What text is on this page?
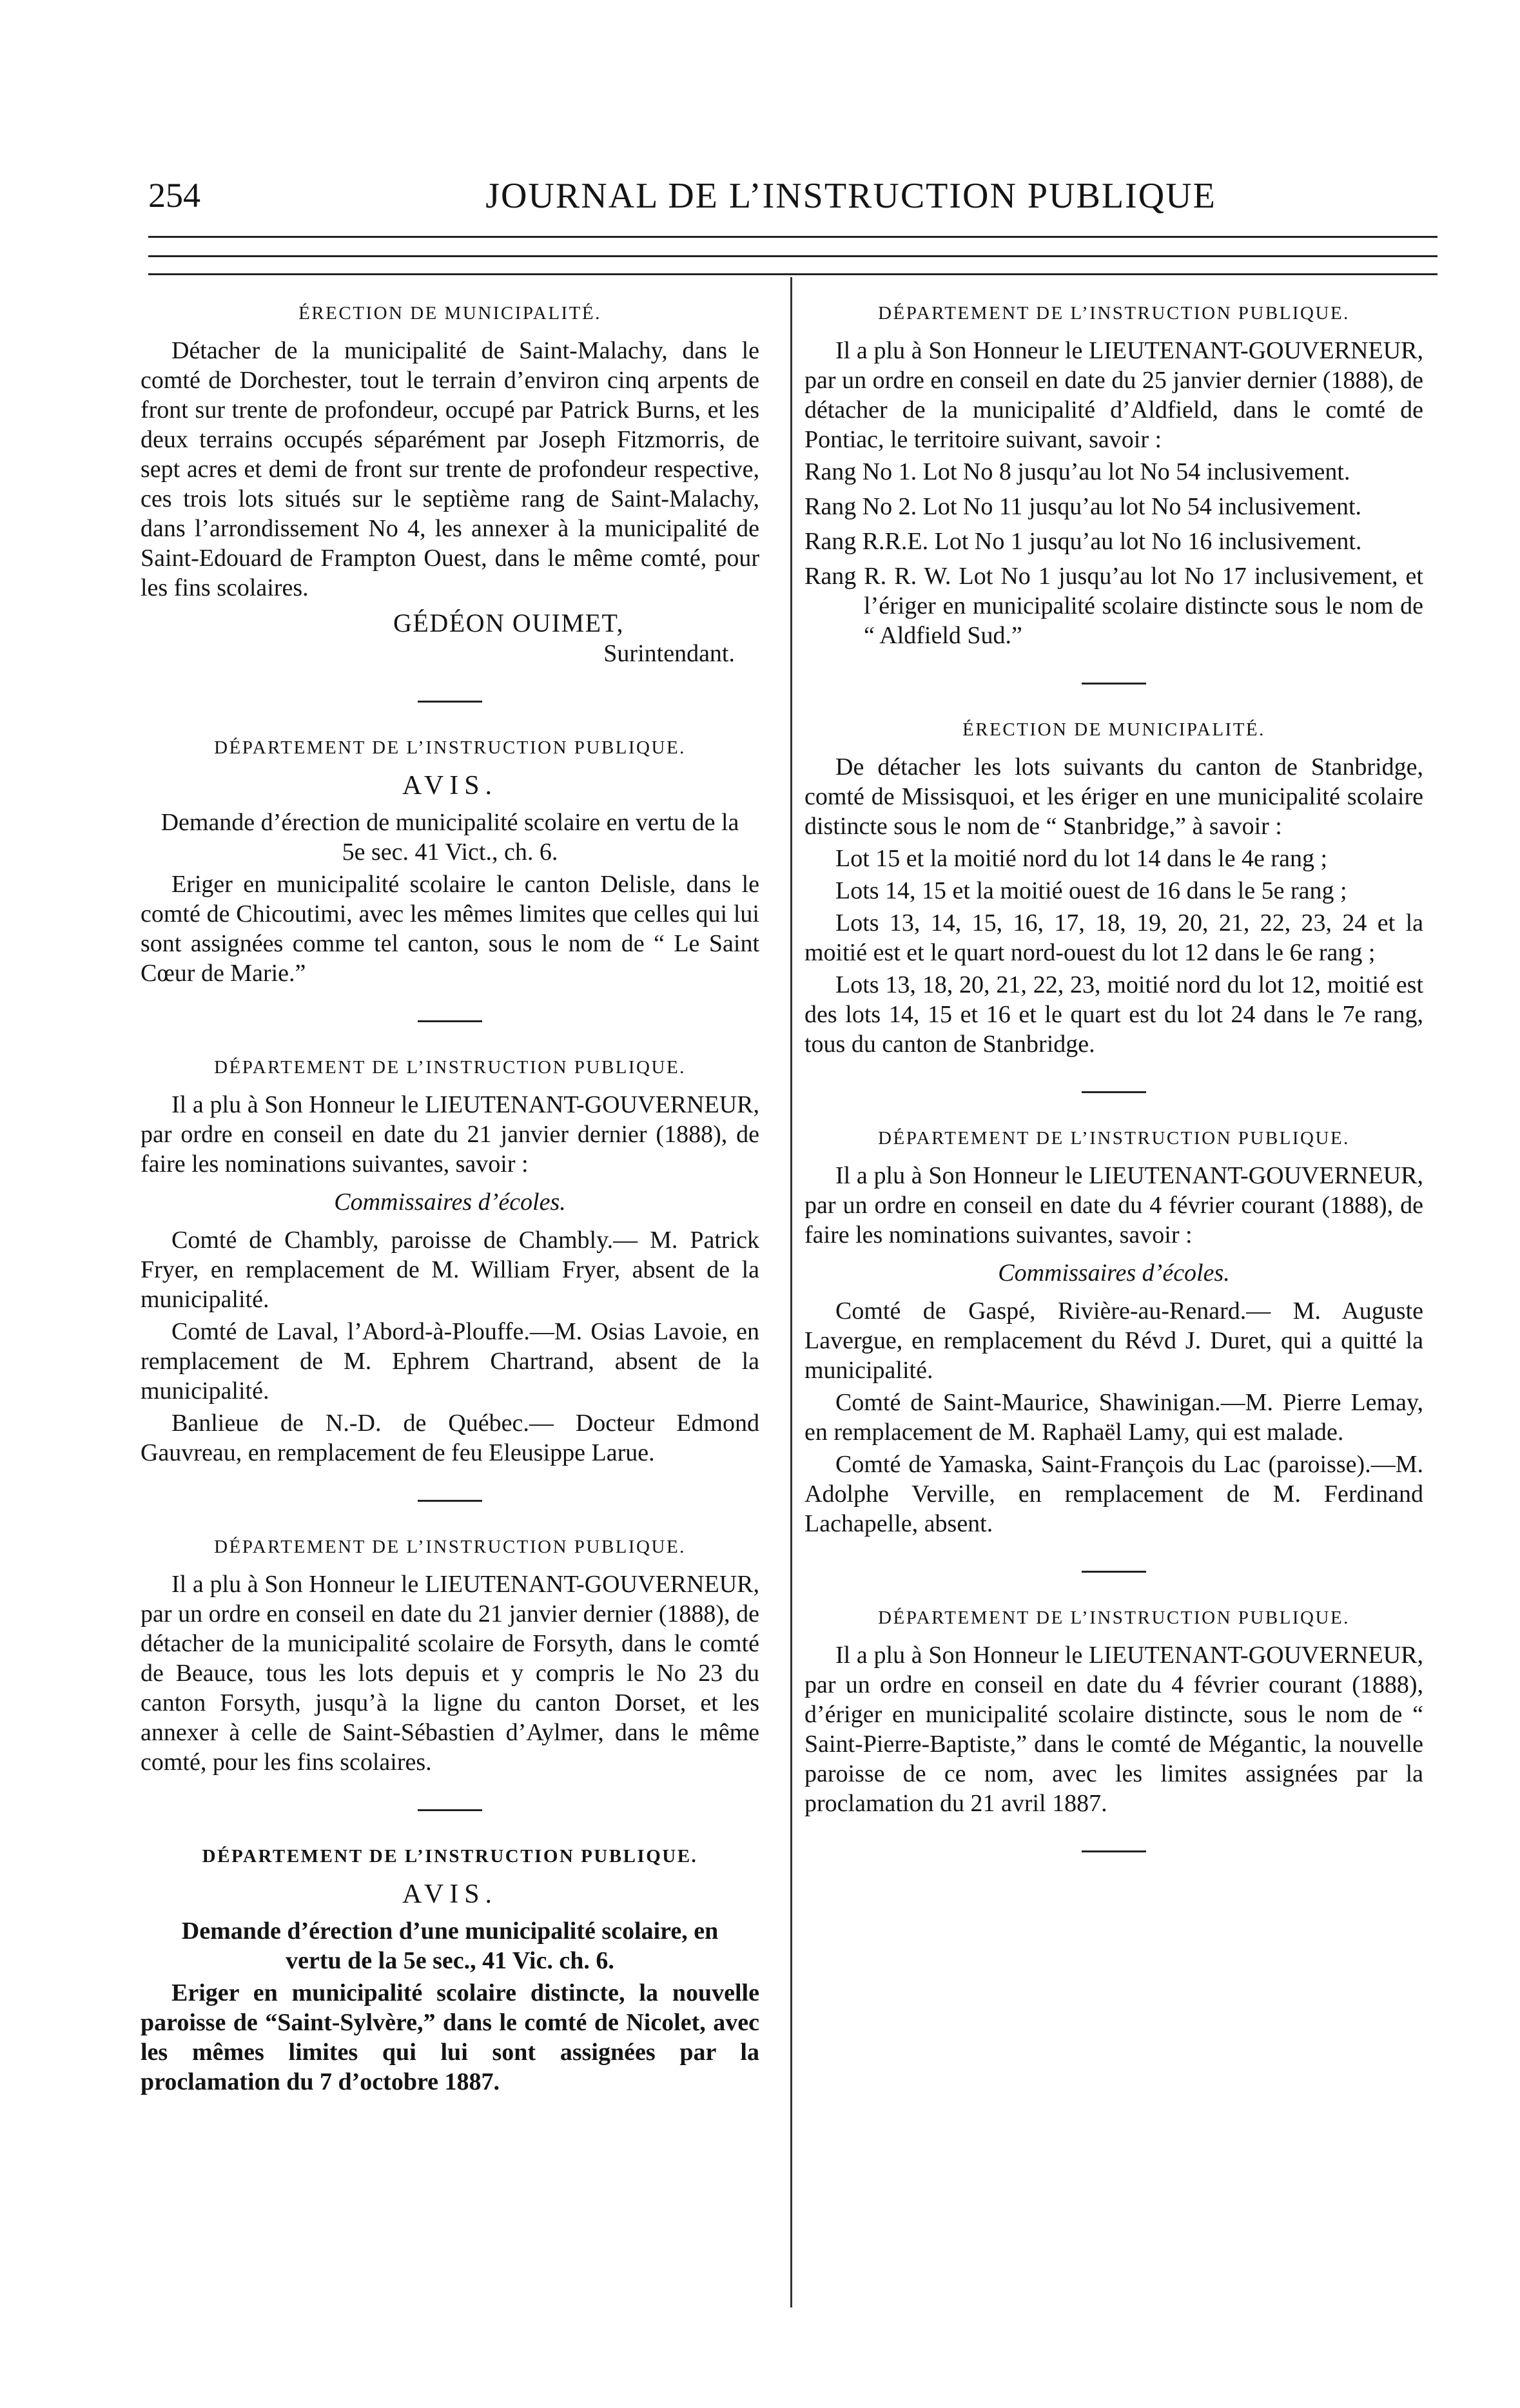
254	JOURNAL DE L’INSTRUCTION PUBLIQUE
ÉRECTION DE MUNICIPALITÉ.

Détacher de la municipalité de Saint-Malachy, dans le comté de Dorchester, tout le terrain d’environ cinq arpents de front sur trente de profondeur, occupé par Patrick Burns, et les deux terrains occupés séparément par Joseph Fitzmorris, de sept acres et demi de front sur trente de profondeur respective, ces trois lots situés sur le septième rang de Saint-Malachy, dans l’arrondissement No 4, les annexer à la municipalité de Saint-Edouard de Frampton Ouest, dans le même comté, pour les fins scolaires.

GÉDÉON OUIMET,
Surintendant.
DÉPARTEMENT DE L’INSTRUCTION PUBLIQUE.
AVIS.

Demande d’érection de municipalité scolaire en vertu de la 5e sec. 41 Vict., ch. 6.

Eriger en municipalité scolaire le canton Delisle, dans le comté de Chicoutimi, avec les mêmes limites que celles qui lui sont assignées comme tel canton, sous le nom de “ Le Saint Cœur de Marie.”

DÉPARTEMENT DE L’INSTRUCTION PUBLIQUE.

Il a plu à Son Honneur le LIEUTENANT-GOUVERNEUR, par ordre en conseil en date du 21 janvier dernier (1888), de faire les nominations suivantes, savoir :

Commissaires d’écoles.

Comté de Chambly, paroisse de Chambly.— M. Patrick Fryer, en remplacement de M. William Fryer, absent de la municipalité.

Comté de Laval, l’Abord-à-Plouffe.—M. Osias Lavoie, en remplacement de M. Ephrem Chartrand, absent de la municipalité.

Banlieue de N.-D. de Québec.— Docteur Edmond Gauvreau, en remplacement de feu Eleusippe Larue.

DÉPARTEMENT DE L’INSTRUCTION PUBLIQUE.

Il a plu à Son Honneur le LIEUTENANT-GOUVERNEUR, par un ordre en conseil en date du 21 janvier dernier (1888), de détacher de la municipalité scolaire de Forsyth, dans le comté de Beauce, tous les lots depuis et y compris le No 23 du canton Forsyth, jusqu’à la ligne du canton Dorset, et les annexer à celle de Saint-Sébastien d’Aylmer, dans le même comté, pour les fins scolaires.

DÉPARTEMENT DE L’INSTRUCTION PUBLIQUE.
AVIS.

Demande d’érection d’une municipalité scolaire, en vertu de la 5e sec., 41 Vic. ch. 6.

Eriger en municipalité scolaire distincte, la nouvelle paroisse de “Saint-Sylvère,” dans le comté de Nicolet, avec les mêmes limites qui lui sont assignées par la proclamation du 7 d’octobre 1887.

DÉPARTEMENT DE L’INSTRUCTION PUBLIQUE.

Il a plu à Son Honneur le LIEUTENANT-GOUVERNEUR, par un ordre en conseil en date du 25 janvier dernier (1888), de détacher de la municipalité d’Aldfield, dans le comté de Pontiac, le territoire suivant, savoir :

Rang No 1. Lot No 8 jusqu’au lot No 54 inclusivement.

Rang No 2. Lot No 11 jusqu’au lot No 54 inclusivement.

Rang R.R.E. Lot No 1 jusqu’au lot No 16 inclusivement.

Rang R. R. W. Lot No 1 jusqu’au lot No 17 inclusivement, et l’ériger en municipalité scolaire distincte sous le nom de “ Aldfield Sud.”

ÉRECTION DE MUNICIPALITÉ.

De détacher les lots suivants du canton de Stanbridge, comté de Missisquoi, et les ériger en une municipalité scolaire distincte sous le nom de “ Stanbridge,” à savoir :

Lot 15 et la moitié nord du lot 14 dans le 4e rang ;

Lots 14, 15 et la moitié ouest de 16 dans le 5e rang ;

Lots 13, 14, 15, 16, 17, 18, 19, 20, 21, 22, 23, 24 et la moitié est et le quart nord-ouest du lot 12 dans le 6e rang ;

Lots 13, 18, 20, 21, 22, 23, moitié nord du lot 12, moitié est des lots 14, 15 et 16 et le quart est du lot 24 dans le 7e rang, tous du canton de Stanbridge.

DÉPARTEMENT DE L’INSTRUCTION PUBLIQUE.

Il a plu à Son Honneur le LIEUTENANT-GOUVERNEUR, par un ordre en conseil en date du 4 février courant (1888), de faire les nominations suivantes, savoir :

Commissaires d’écoles.

Comté de Gaspé, Rivière-au-Renard.— M. Auguste Lavergue, en remplacement du Révd J. Duret, qui a quitté la municipalité.

Comté de Saint-Maurice, Shawinigan.—M. Pierre Lemay, en remplacement de M. Raphaël Lamy, qui est malade.

Comté de Yamaska, Saint-François du Lac (paroisse).—M. Adolphe Verville, en remplacement de M. Ferdinand Lachapelle, absent.

DÉPARTEMENT DE L’INSTRUCTION PUBLIQUE.

Il a plu à Son Honneur le LIEUTENANT-GOUVERNEUR, par un ordre en conseil en date du 4 février courant (1888), d’ériger en municipalité scolaire distincte, sous le nom de “ Saint-Pierre-Baptiste,” dans le comté de Mégantic, la nouvelle paroisse de ce nom, avec les limites assignées par la proclamation du 21 avril 1887.
